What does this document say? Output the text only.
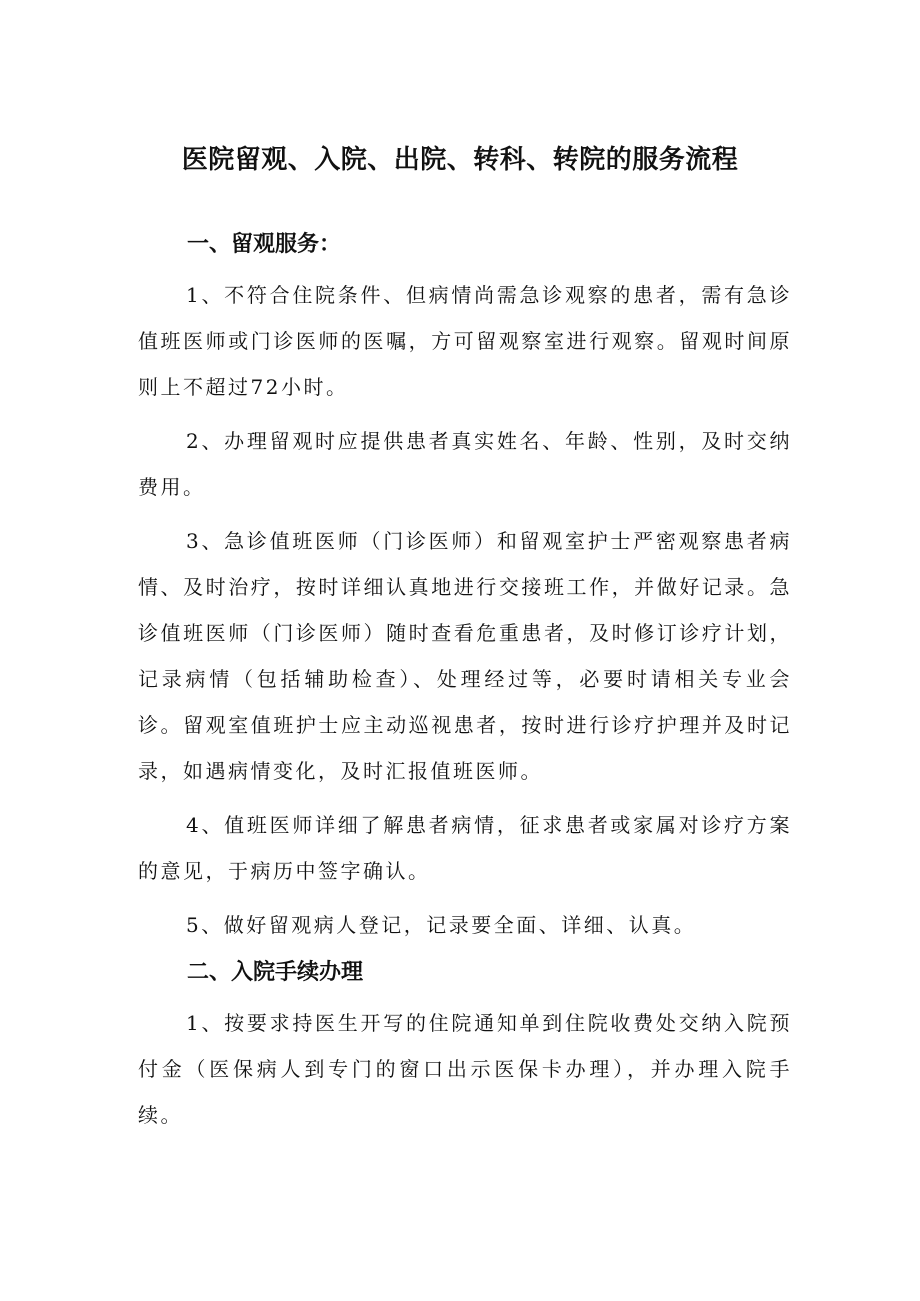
医院留观、入院、出院、转科、转院的服务流程
一、留观服务：

1、不符合住院条件、但病情尚需急诊观察的患者，需有急诊值班医师或门诊医师的医嘱，方可留观察室进行观察。留观时间原则上不超过72小时。

2、办理留观时应提供患者真实姓名、年龄、性别，及时交纳费用。

3、急诊值班医师（门诊医师）和留观室护士严密观察患者病情、及时治疗，按时详细认真地进行交接班工作，并做好记录。急诊值班医师（门诊医师）随时查看危重患者，及时修订诊疗计划，记录病情（包括辅助检查）、处理经过等，必要时请相关专业会诊。留观室值班护士应主动巡视患者，按时进行诊疗护理并及时记录，如遇病情变化，及时汇报值班医师。

4、值班医师详细了解患者病情，征求患者或家属对诊疗方案的意见，于病历中签字确认。

5、做好留观病人登记，记录要全面、详细、认真。

二、入院手续办理

1、按要求持医生开写的住院通知单到住院收费处交纳入院预付金（医保病人到专门的窗口出示医保卡办理），并办理入院手续。
